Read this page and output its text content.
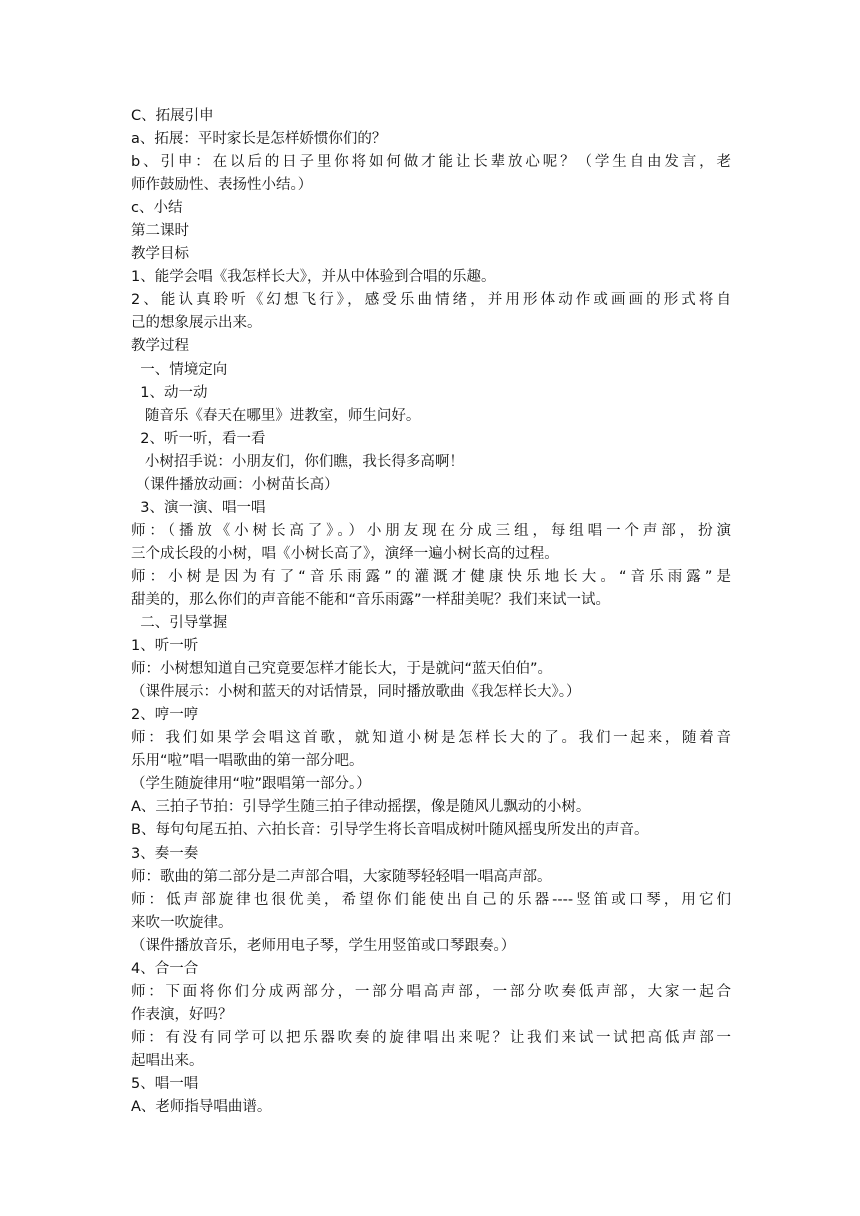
C、拓展引申
a、拓展：平时家长是怎样娇惯你们的？
b、引申：在以后的日子里你将如何做才能让长辈放心呢？（学生自由发言，老
师作鼓励性、表扬性小结。）
c、小结
第二课时
教学目标
1、能学会唱《我怎样长大》，并从中体验到合唱的乐趣。
2、能认真聆听《幻想飞行》，感受乐曲情绪，并用形体动作或画画的形式将自
己的想象展示出来。
教学过程
一、情境定向
1、动一动
随音乐《春天在哪里》进教室，师生问好。
2、听一听，看一看
小树招手说：小朋友们，你们瞧，我长得多高啊！
（课件播放动画：小树苗长高）
3、演一演、唱一唱
师：（播放《小树长高了》。）小朋友现在分成三组，每组唱一个声部，扮演
三个成长段的小树，唱《小树长高了》，演绎一遍小树长高的过程。
师：小树是因为有了“音乐雨露”的灌溉才健康快乐地长大。“音乐雨露”是
甜美的，那么你们的声音能不能和“音乐雨露”一样甜美呢？我们来试一试。
二、引导掌握
1、听一听
师：小树想知道自己究竟要怎样才能长大，于是就问“蓝天伯伯”。
（课件展示：小树和蓝天的对话情景，同时播放歌曲《我怎样长大》。）
2、哼一哼
师：我们如果学会唱这首歌，就知道小树是怎样长大的了。我们一起来，随着音
乐用“啦”唱一唱歌曲的第一部分吧。
（学生随旋律用“啦”跟唱第一部分。）
A、三拍子节拍：引导学生随三拍子律动摇摆，像是随风儿飘动的小树。
B、每句句尾五拍、六拍长音：引导学生将长音唱成树叶随风摇曳所发出的声音。
3、奏一奏
师：歌曲的第二部分是二声部合唱，大家随琴轻轻唱一唱高声部。
师：低声部旋律也很优美，希望你们能使出自己的乐器----竖笛或口琴，用它们
来吹一吹旋律。
（课件播放音乐，老师用电子琴，学生用竖笛或口琴跟奏。）
4、合一合
师：下面将你们分成两部分，一部分唱高声部，一部分吹奏低声部，大家一起合
作表演，好吗？
师：有没有同学可以把乐器吹奏的旋律唱出来呢？让我们来试一试把高低声部一
起唱出来。
5、唱一唱
A、老师指导唱曲谱。
